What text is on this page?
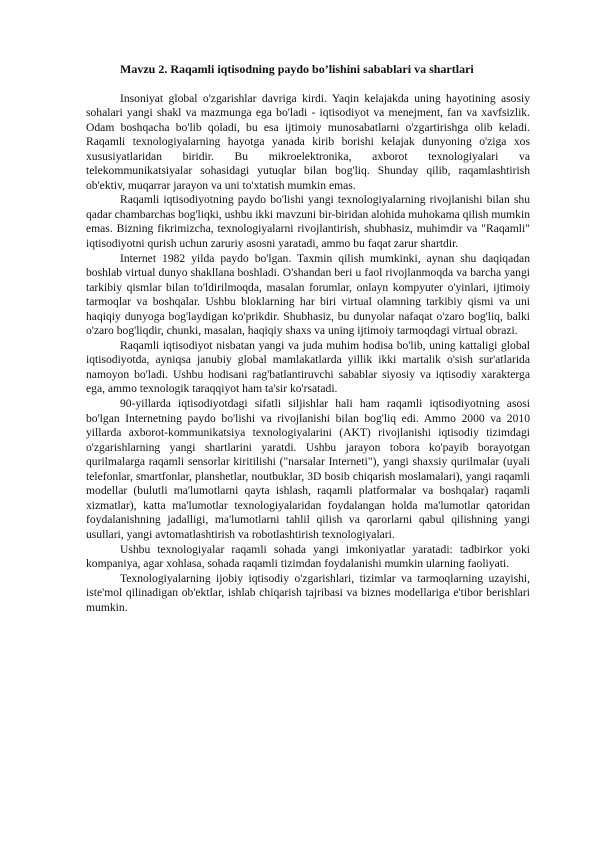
Mavzu 2. Raqamli iqtisodning paydo bo’lishini sabablari va shartlari

Insoniyat global o'zgarishlar davriga kirdi. Yaqin kelajakda uning hayotining asosiy sohalari yangi shakl va mazmunga ega bo'ladi - iqtisodiyot va menejment, fan va xavfsizlik. Odam boshqacha bo'lib qoladi, bu esa ijtimoiy munosabatlarni o'zgartirishga olib keladi. Raqamli texnologiyalarning hayotga yanada kirib borishi kelajak dunyoning o'ziga xos xususiyatlaridan biridir. Bu mikroelektronika, axborot texnologiyalari va telekommunikatsiyalar sohasidagi yutuqlar bilan bog'liq. Shunday qilib, raqamlashtirish ob'ektiv, muqarrar jarayon va uni to'xtatish mumkin emas.

Raqamli iqtisodiyotning paydo bo'lishi yangi texnologiyalarning rivojlanishi bilan shu qadar chambarchas bog'liqki, ushbu ikki mavzuni bir-biridan alohida muhokama qilish mumkin emas. Bizning fikrimizcha, texnologiyalarni rivojlantirish, shubhasiz, muhimdir va "Raqamli" iqtisodiyotni qurish uchun zaruriy asosni yaratadi, ammo bu faqat zarur shartdir.

Internet 1982 yilda paydo bo'lgan. Taxmin qilish mumkinki, aynan shu daqiqadan boshlab virtual dunyo shakllana boshladi. O'shandan beri u faol rivojlanmoqda va barcha yangi tarkibiy qismlar bilan to'ldirilmoqda, masalan forumlar, onlayn kompyuter o'yinlari, ijtimoiy tarmoqlar va boshqalar. Ushbu bloklarning har biri virtual olamning tarkibiy qismi va uni haqiqiy dunyoga bog'laydigan ko'prikdir. Shubhasiz, bu dunyolar nafaqat o'zaro bog'liq, balki o'zaro bog'liqdir, chunki, masalan, haqiqiy shaxs va uning ijtimoiy tarmoqdagi virtual obrazi.

Raqamli iqtisodiyot nisbatan yangi va juda muhim hodisa bo'lib, uning kattaligi global iqtisodiyotda, ayniqsa janubiy global mamlakatlarda yillik ikki martalik o'sish sur'atlarida namoyon bo'ladi. Ushbu hodisani rag'batlantiruvchi sabablar siyosiy va iqtisodiy xarakterga ega, ammo texnologik taraqqiyot ham ta'sir ko'rsatadi.

90-yillarda iqtisodiyotdagi sifatli siljishlar hali ham raqamli iqtisodiyotning asosi bo'lgan Internetning paydo bo'lishi va rivojlanishi bilan bog'liq edi. Ammo 2000 va 2010 yillarda axborot-kommunikatsiya texnologiyalarini (AKT) rivojlanishi iqtisodiy tizimdagi o'zgarishlarning yangi shartlarini yaratdi. Ushbu jarayon tobora ko'payib borayotgan qurilmalarga raqamli sensorlar kiritilishi ("narsalar Interneti"), yangi shaxsiy qurilmalar (uyali telefonlar, smartfonlar, planshetlar, noutbuklar, 3D bosib chiqarish moslamalari), yangi raqamli modellar (bulutli ma'lumotlarni qayta ishlash, raqamli platformalar va boshqalar) raqamli xizmatlar), katta ma'lumotlar texnologiyalaridan foydalangan holda ma'lumotlar qatoridan foydalanishning jadalligi, ma'lumotlarni tahlil qilish va qarorlarni qabul qilishning yangi usullari, yangi avtomatlashtirish va robotlashtirish texnologiyalari.

Ushbu texnologiyalar raqamli sohada yangi imkoniyatlar yaratadi: tadbirkor yoki kompaniya, agar xohlasa, sohada raqamli tizimdan foydalanishi mumkin ularning faoliyati.

Texnologiyalarning ijobiy iqtisodiy o'zgarishlari, tizimlar va tarmoqlarning uzayishi, iste'mol qilinadigan ob'ektlar, ishlab chiqarish tajribasi va biznes modellariga e'tibor berishlari mumkin.
